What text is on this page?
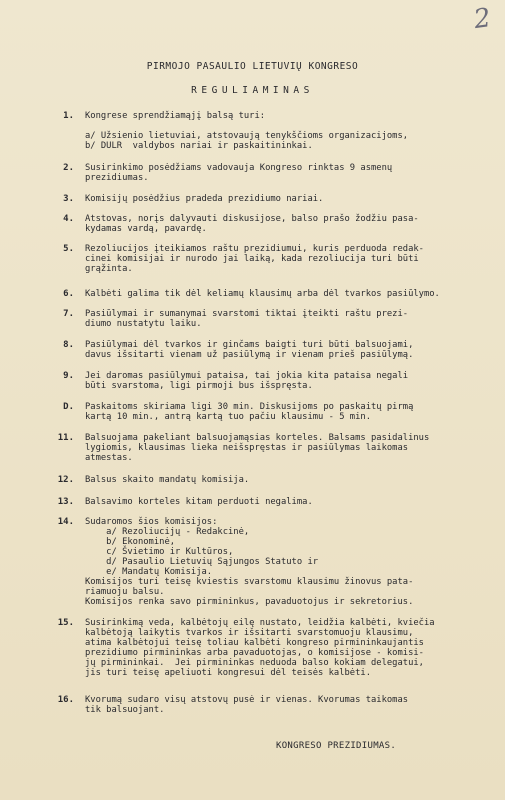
2
PIRMOJO PASAULIO LIETUVIŲ KONGRESO
REGULIAMINAS
1. Kongrese sprendžiamąjį balsą turi:
a/ Užsienio lietuviai, atstovaują tenykščioms organizacijoms,
b/ DULR  valdybos nariai ir paskaitininkai.
2. Susirinkimo posėdžiams vadovauja Kongreso rinktas 9 asmenų
prezidiumas.
3. Komisijų posėdžius pradeda prezidiumo nariai.
4. Atstovas, norįs dalyvauti diskusijose, balso prašo žodžiu pasa-
kydamas vardą, pavardę.
5. Rezoliucijos įteikiamos raštu prezidiumui, kuris perduoda redak-
cinei komisijai ir nurodo jai laiką, kada rezoliucija turi būti
grąžinta.
6. Kalbėti galima tik dėl keliamų klausimų arba dėl tvarkos pasiūlymo.
7. Pasiūlymai ir sumanymai svarstomi tiktai įteikti raštu prezi-
diumo nustatytu laiku.
8. Pasiūlymai dėl tvarkos ir ginčams baigti turi būti balsuojami,
davus išsitarti vienam už pasiūlymą ir vienam prieš pasiūlymą.
9. Jei daromas pasiūlymui pataisa, tai jokia kita pataisa negali
būti svarstoma, ligi pirmoji bus išspręsta.
D. Paskaitoms skiriama ligi 30 min. Diskusijoms po paskaitų pirmą
kartą 10 min., antrą kartą tuo pačiu klausimu - 5 min.
11. Balsuojama pakeliant balsuojamąsias korteles. Balsams pasidalinus
lygiomis, klausimas lieka neišspręstas ir pasiūlymas laikomas
atmestas.
12. Balsus skaito mandatų komisija.
13. Balsavimo korteles kitam perduoti negalima.
14. Sudaromos šios komisijos:
a/ Rezoliucijų - Redakcinė,
b/ Ekonominė,
c/ Švietimo ir Kultūros,
d/ Pasaulio Lietuvių Sąjungos Statuto ir
e/ Mandatų Komisija.
Komisijos turi teisę kviestis svarstomu klausimu žinovus pata-
riamuoju balsu.
Komisijos renka savo pirmininkus, pavaduotojus ir sekretorius.
15. Susirinkimą veda, kalbėtojų eilę nustato, leidžia kalbėti, kviečia
kalbėtoją laikytis tvarkos ir išsitarti svarstomuoju klausimu,
atima kalbėtojui teisę toliau kalbėti kongreso pirmininkaujantis
prezidiumo pirmininkas arba pavaduotojas, o komisijose - komisi-
jų pirmininkai.  Jei pirmininkas neduoda balso kokiam delegatui,
jis turi teisę apeliuoti kongresui dėl teisės kalbėti.
16. Kvorumą sudaro visų atstovų pusė ir vienas. Kvorumas taikomas
tik balsuojant.
KONGRESO PREZIDIUMAS.
